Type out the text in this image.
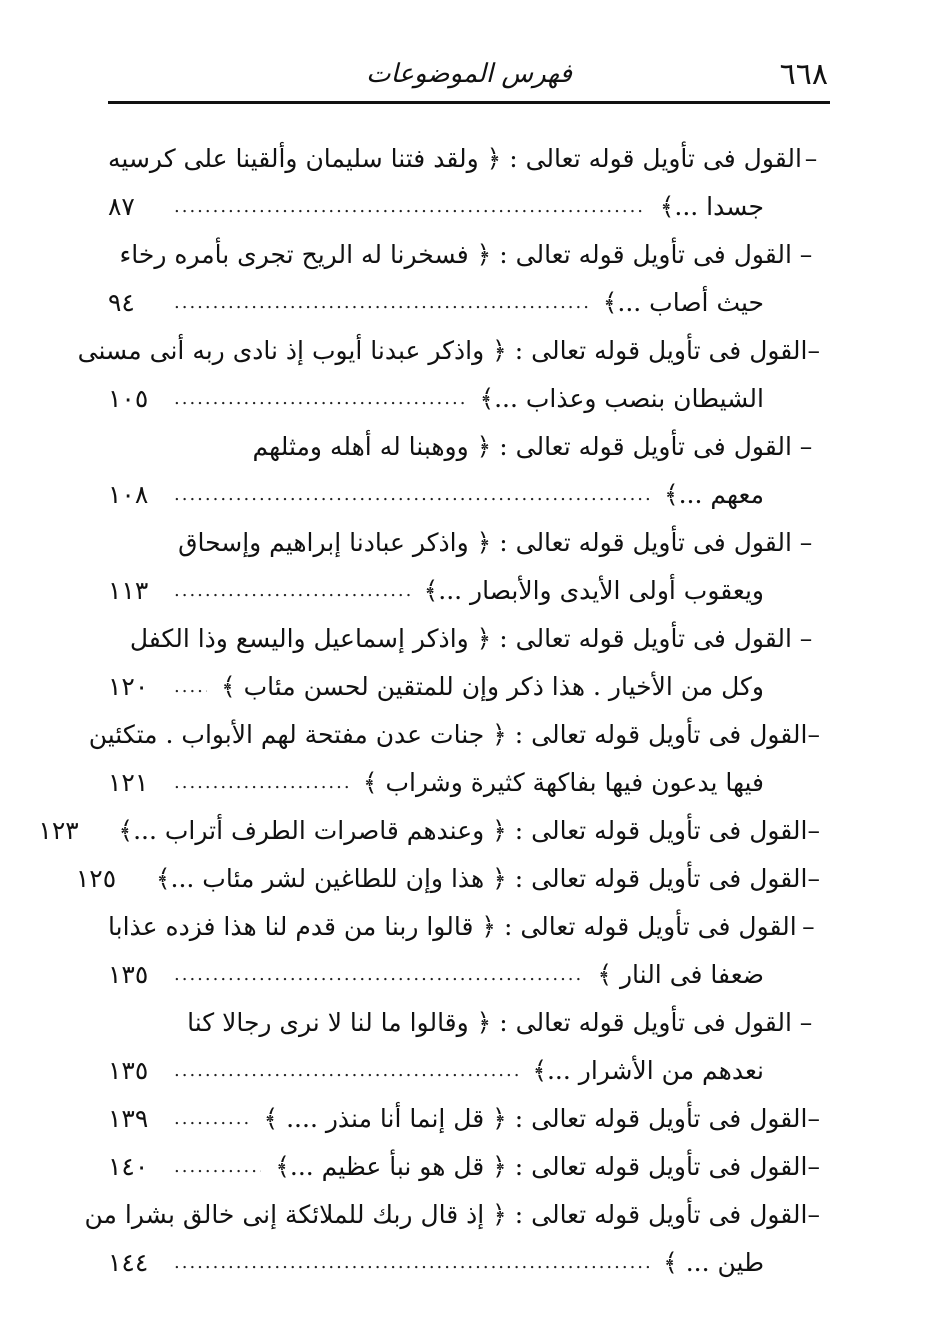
٦٦٨
فهرس الموضوعات
–
القول فى تأويل قوله تعالى : ﴿ ولقد فتنا سليمان وألقينا على كرسيه
جسدا ...﴾
.....
٨٧
–
القول فى تأويل قوله تعالى : ﴿ فسخرنا له الريح تجرى بأمره رخاء
حيث أصاب ...﴾
.....
٩٤
–
القول فى تأويل قوله تعالى : ﴿ واذكر عبدنا أيوب إذ نادى ربه أنى مسنى
الشيطان بنصب وعذاب ...﴾
.....
١٠٥
–
القول فى تأويل قوله تعالى : ﴿ ووهبنا له أهله ومثلهم
معهم ...﴾
.....
١٠٨
–
القول فى تأويل قوله تعالى : ﴿ واذكر عبادنا إبراهيم وإسحاق
ويعقوب أولى الأيدى والأبصار ...﴾
.....
١١٣
–
القول فى تأويل قوله تعالى : ﴿ واذكر إسماعيل واليسع وذا الكفل
وكل من الأخيار . هذا ذكر وإن للمتقين لحسن مئاب ﴾
.....
١٢٠
–
القول فى تأويل قوله تعالى : ﴿ جنات عدن مفتحة لهم الأبواب . متكئين
فيها يدعون فيها بفاكهة كثيرة وشراب ﴾
.....
١٢١
–
القول فى تأويل قوله تعالى : ﴿ وعندهم قاصرات الطرف أتراب ...﴾
١٢٣
–
القول فى تأويل قوله تعالى : ﴿ هذا وإن للطاغين لشر مئاب ...﴾
١٢٥
–
القول فى تأويل قوله تعالى : ﴿ قالوا ربنا من قدم لنا هذا فزده عذابا
ضعفا فى النار ﴾
.....
١٣٥
–
القول فى تأويل قوله تعالى : ﴿ وقالوا ما لنا لا نرى رجالا كنا
نعدهم من الأشرار ...﴾
.....
١٣٥
–
القول فى تأويل قوله تعالى : ﴿ قل إنما أنا منذر .... ﴾
.....
١٣٩
–
القول فى تأويل قوله تعالى : ﴿ قل هو نبأ عظيم ...﴾
.....
١٤٠
–
القول فى تأويل قوله تعالى : ﴿ إذ قال ربك للملائكة إنى خالق بشرا من
طين ... ﴾
.....
١٤٤
